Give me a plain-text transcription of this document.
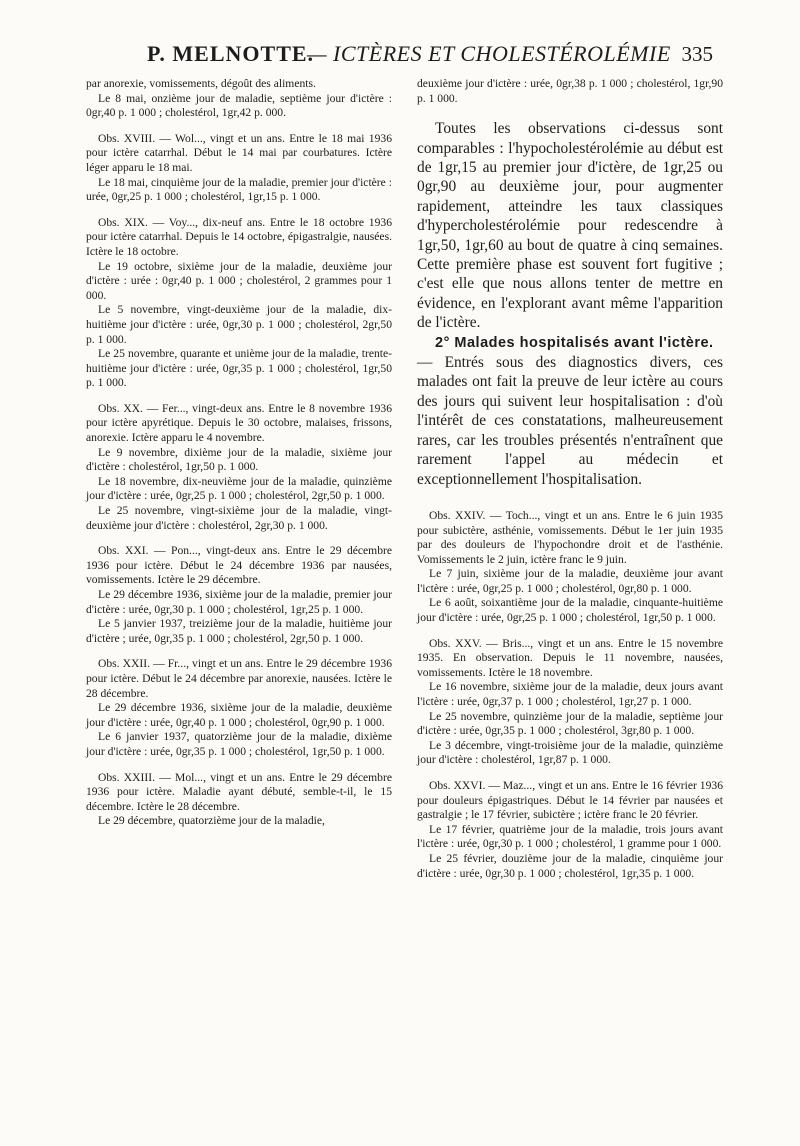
P. MELNOTTE.
— ICTÈRES ET CHOLESTÉROLÉMIE 335

par anorexie, vomissements, dégoût des aliments.

Le 8 mai, onzième jour de maladie, septième jour d'ictère : 0gr,40 p. 1 000 ; cholestérol, 1gr,42 p. 000.

Obs. XVIII. — Wol..., vingt et un ans. Entre le 18 mai 1936 pour ictère catarrhal. Début le 14 mai par courbatures. Ictère léger apparu le 18 mai.

Le 18 mai, cinquième jour de la maladie, premier jour d'ictère : urée, 0gr,25 p. 1 000 ; cholestérol, 1gr,15 p. 1 000.

Obs. XIX. — Voy..., dix-neuf ans. Entre le 18 octobre 1936 pour ictère catarrhal. Depuis le 14 octobre, épigastralgie, nausées. Ictère le 18 octobre.

Le 19 octobre, sixième jour de la maladie, deuxième jour d'ictère : urée : 0gr,40 p. 1 000 ; cholestérol, 2 grammes pour 1 000.

Le 5 novembre, vingt-deuxième jour de la maladie, dix-huitième jour d'ictère : urée, 0gr,30 p. 1 000 ; cholestérol, 2gr,50 p. 1 000.

Le 25 novembre, quarante et unième jour de la maladie, trente-huitième jour d'ictère : urée, 0gr,35 p. 1 000 ; cholestérol, 1gr,50 p. 1 000.

Obs. XX. — Fer..., vingt-deux ans. Entre le 8 novembre 1936 pour ictère apyrétique. Depuis le 30 octobre, malaises, frissons, anorexie. Ictère apparu le 4 novembre.

Le 9 novembre, dixième jour de la maladie, sixième jour d'ictère : cholestérol, 1gr,50 p. 1 000.

Le 18 novembre, dix-neuvième jour de la maladie, quinzième jour d'ictère : urée, 0gr,25 p. 1 000 ; cholestérol, 2gr,50 p. 1 000.

Le 25 novembre, vingt-sixième jour de la maladie, vingt-deuxième jour d'ictère : cholestérol, 2gr,30 p. 1 000.

Obs. XXI. — Pon..., vingt-deux ans. Entre le 29 décembre 1936 pour ictère. Début le 24 décembre 1936 par nausées, vomissements. Ictère le 29 décembre.

Le 29 décembre 1936, sixième jour de la maladie, premier jour d'ictère : urée, 0gr,30 p. 1 000 ; cholestérol, 1gr,25 p. 1 000.

Le 5 janvier 1937, treizième jour de la maladie, huitième jour d'ictère ; urée, 0gr,35 p. 1 000 ; cholestérol, 2gr,50 p. 1 000.

Obs. XXII. — Fr..., vingt et un ans. Entre le 29 décembre 1936 pour ictère. Début le 24 décembre par anorexie, nausées. Ictère le 28 décembre.

Le 29 décembre 1936, sixième jour de la maladie, deuxième jour d'ictère : urée, 0gr,40 p. 1 000 ; cholestérol, 0gr,90 p. 1 000.

Le 6 janvier 1937, quatorzième jour de la maladie, dixième jour d'ictère : urée, 0gr,35 p. 1 000 ; cholestérol, 1gr,50 p. 1 000.

Obs. XXIII. — Mol..., vingt et un ans. Entre le 29 décembre 1936 pour ictère. Maladie ayant débuté, semble-t-il, le 15 décembre. Ictère le 28 décembre.

Le 29 décembre, quatorzième jour de la maladie,

deuxième jour d'ictère : urée, 0gr,38 p. 1 000 ; cholestérol, 1gr,90 p. 1 000.

Toutes les observations ci-dessus sont comparables : l'hypocholestérolémie au début est de 1gr,15 au premier jour d'ictère, de 1gr,25 ou 0gr,90 au deuxième jour, pour augmenter rapidement, atteindre les taux classiques d'hypercholestérolémie pour redescendre à 1gr,50, 1gr,60 au bout de quatre à cinq semaines. Cette première phase est souvent fort fugitive ; c'est elle que nous allons tenter de mettre en évidence, en l'explorant avant même l'apparition de l'ictère.

2° Malades hospitalisés avant l'ictère.

— Entrés sous des diagnostics divers, ces malades ont fait la preuve de leur ictère au cours des jours qui suivent leur hospitalisation : d'où l'intérêt de ces constatations, malheureusement rares, car les troubles présentés n'entraînent que rarement l'appel au médecin et exceptionnellement l'hospitalisation.

Obs. XXIV. — Toch..., vingt et un ans. Entre le 6 juin 1935 pour subictère, asthénie, vomissements. Début le 1er juin 1935 par des douleurs de l'hypochondre droit et de l'asthénie. Vomissements le 2 juin, ictère franc le 9 juin.

Le 7 juin, sixième jour de la maladie, deuxième jour avant l'ictère : urée, 0gr,25 p. 1 000 ; cholestérol, 0gr,80 p. 1 000.

Le 6 août, soixantième jour de la maladie, cinquante-huitième jour d'ictère : urée, 0gr,25 p. 1 000 ; cholestérol, 1gr,50 p. 1 000.

Obs. XXV. — Bris..., vingt et un ans. Entre le 15 novembre 1935. En observation. Depuis le 11 novembre, nausées, vomissements. Ictère le 18 novembre.

Le 16 novembre, sixième jour de la maladie, deux jours avant l'ictère : urée, 0gr,37 p. 1 000 ; cholestérol, 1gr,27 p. 1 000.

Le 25 novembre, quinzième jour de la maladie, septième jour d'ictère : urée, 0gr,35 p. 1 000 ; cholestérol, 3gr,80 p. 1 000.

Le 3 décembre, vingt-troisième jour de la maladie, quinzième jour d'ictère : cholestérol, 1gr,87 p. 1 000.

Obs. XXVI. — Maz..., vingt et un ans. Entre le 16 février 1936 pour douleurs épigastriques. Début le 14 février par nausées et gastralgie ; le 17 février, subictère ; ictère franc le 20 février.

Le 17 février, quatrième jour de la maladie, trois jours avant l'ictère : urée, 0gr,30 p. 1 000 ; cholestérol, 1 gramme pour 1 000.

Le 25 février, douzième jour de la maladie, cinquième jour d'ictère : urée, 0gr,30 p. 1 000 ; cholestérol, 1gr,35 p. 1 000.
